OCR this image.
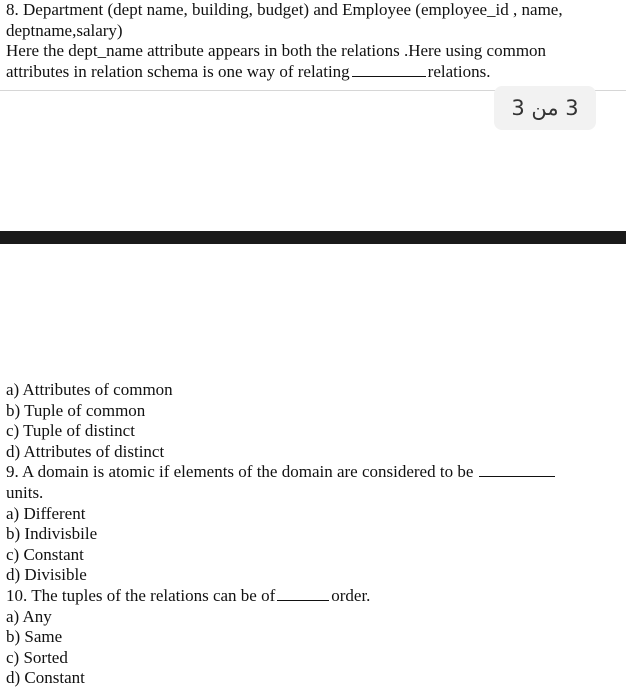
8. Department (dept name, building, budget) and Employee (employee_id , name,
deptname,salary)
Here the dept_name attribute appears in both the relations .Here using common
attributes in relation schema is one way of relating	relations.
3 من 3
a) Attributes of common
b) Tuple of common
c) Tuple of distinct
d) Attributes of distinct
9. A domain is atomic if elements of the domain are considered to be
units.
a) Different
b) Indivisbile
c) Constant
d) Divisible
10. The tuples of the relations can be of	order.
a) Any
b) Same
c) Sorted
d) Constant
